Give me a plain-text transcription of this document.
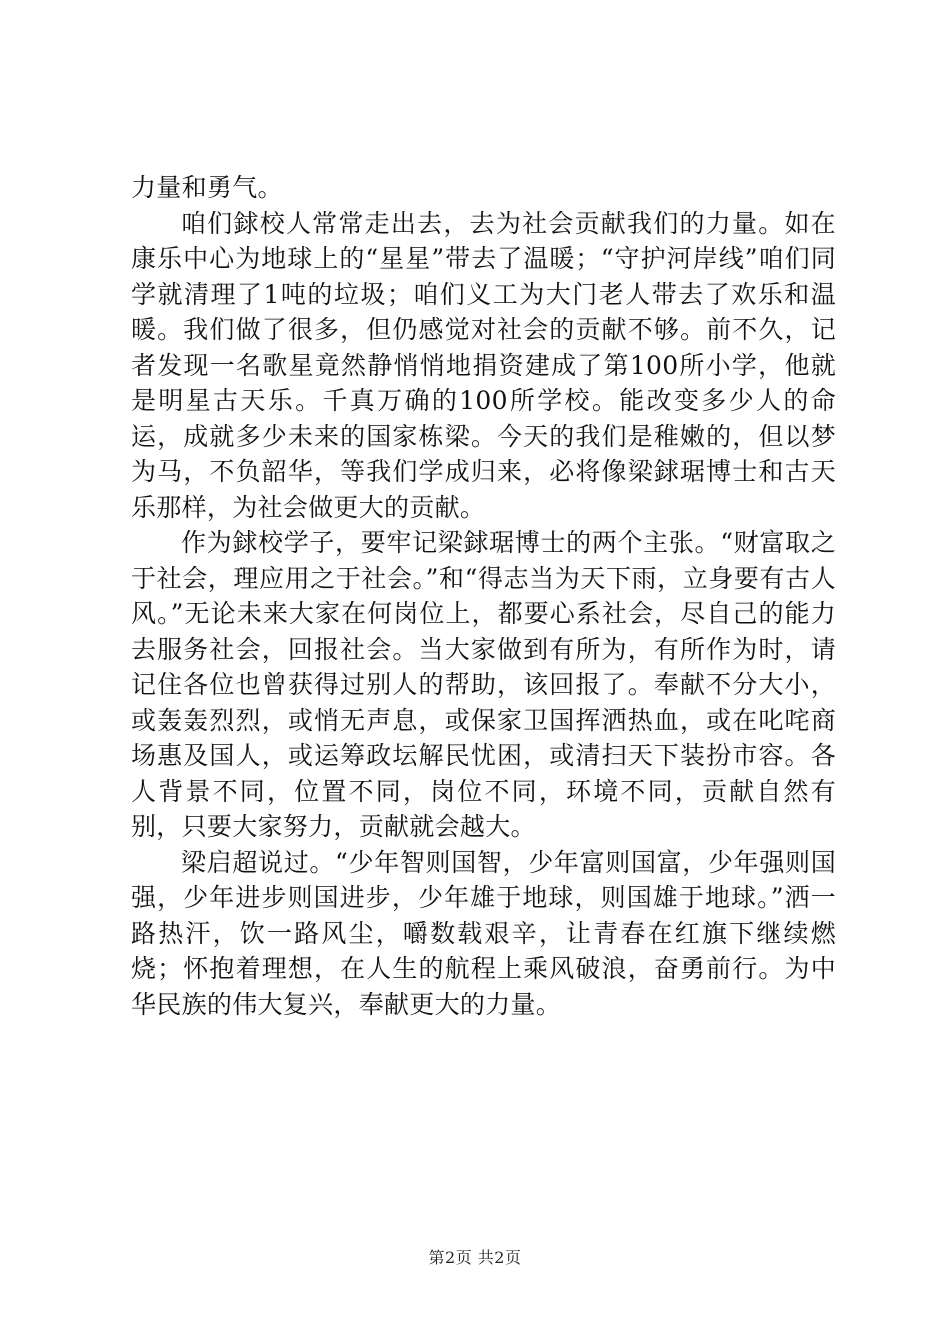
力量和勇气。

咱们銶校人常常走出去，去为社会贡献我们的力量。如在康乐中心为地球上的“星星”带去了温暖；“守护河岸线”咱们同学就清理了1吨的垃圾；咱们义工为大门老人带去了欢乐和温暖。我们做了很多，但仍感觉对社会的贡献不够。前不久，记者发现一名歌星竟然静悄悄地捐资建成了第100所小学，他就是明星古天乐。千真万确的100所学校。能改变多少人的命运，成就多少未来的国家栋梁。今天的我们是稚嫩的，但以梦为马，不负韶华，等我们学成归来，必将像梁銶琚博士和古天乐那样，为社会做更大的贡献。

作为銶校学子，要牢记梁銶琚博士的两个主张。“财富取之于社会，理应用之于社会。”和“得志当为天下雨，立身要有古人风。”无论未来大家在何岗位上，都要心系社会，尽自己的能力去服务社会，回报社会。当大家做到有所为，有所作为时，请记住各位也曾获得过别人的帮助，该回报了。奉献不分大小，或轰轰烈烈，或悄无声息，或保家卫国挥洒热血，或在叱咤商场惠及国人，或运筹政坛解民忧困，或清扫天下装扮市容。各人背景不同，位置不同，岗位不同，环境不同，贡献自然有别，只要大家努力，贡献就会越大。

梁启超说过。“少年智则国智，少年富则国富，少年强则国强，少年进步则国进步，少年雄于地球，则国雄于地球。”洒一路热汗，饮一路风尘，嚼数载艰辛，让青春在红旗下继续燃烧；怀抱着理想，在人生的航程上乘风破浪，奋勇前行。为中华民族的伟大复兴，奉献更大的力量。

第2页 共2页
